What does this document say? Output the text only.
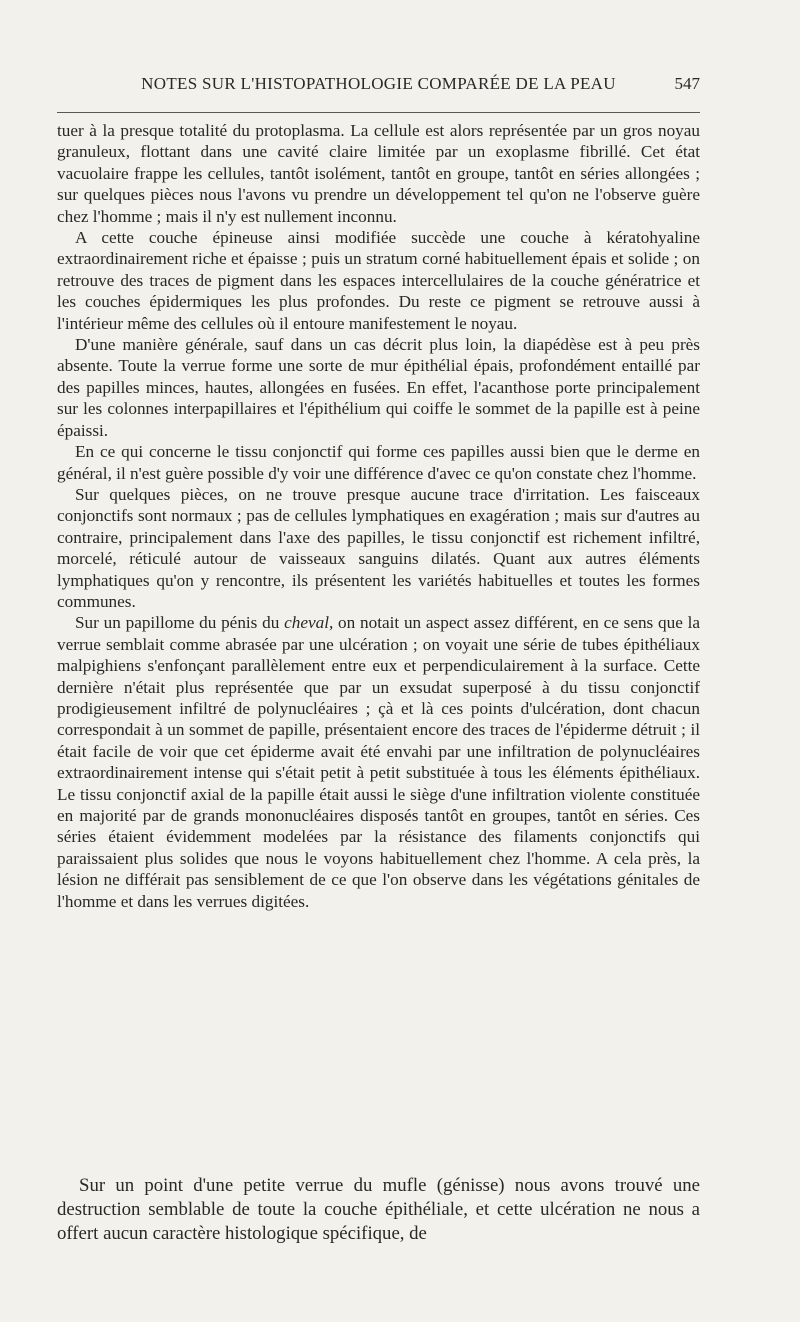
NOTES SUR L'HISTOPATHOLOGIE COMPARÉE DE LA PEAU	547

tuer à la presque totalité du protoplasma. La cellule est alors représentée par un gros noyau granuleux, flottant dans une cavité claire limitée par un exoplasme fibrillé. Cet état vacuolaire frappe les cellules, tantôt isolément, tantôt en groupe, tantôt en séries allongées ; sur quelques pièces nous l'avons vu prendre un développement tel qu'on ne l'observe guère chez l'homme ; mais il n'y est nullement inconnu.

A cette couche épineuse ainsi modifiée succède une couche à kératohyaline extraordinairement riche et épaisse ; puis un stratum corné habituellement épais et solide ; on retrouve des traces de pigment dans les espaces intercellulaires de la couche génératrice et les couches épidermiques les plus profondes. Du reste ce pigment se retrouve aussi à l'intérieur même des cellules où il entoure manifestement le noyau.

D'une manière générale, sauf dans un cas décrit plus loin, la diapédèse est à peu près absente. Toute la verrue forme une sorte de mur épithélial épais, profondément entaillé par des papilles minces, hautes, allongées en fusées. En effet, l'acanthose porte principalement sur les colonnes interpapillaires et l'épithélium qui coiffe le sommet de la papille est à peine épaissi.

En ce qui concerne le tissu conjonctif qui forme ces papilles aussi bien que le derme en général, il n'est guère possible d'y voir une différence d'avec ce qu'on constate chez l'homme.

Sur quelques pièces, on ne trouve presque aucune trace d'irritation. Les faisceaux conjonctifs sont normaux ; pas de cellules lymphatiques en exagération ; mais sur d'autres au contraire, principalement dans l'axe des papilles, le tissu conjonctif est richement infiltré, morcelé, réticulé autour de vaisseaux sanguins dilatés. Quant aux autres éléments lymphatiques qu'on y rencontre, ils présentent les variétés habituelles et toutes les formes communes.

Sur un papillome du pénis du cheval, on notait un aspect assez différent, en ce sens que la verrue semblait comme abrasée par une ulcération ; on voyait une série de tubes épithéliaux malpighiens s'enfonçant parallèlement entre eux et perpendiculairement à la surface. Cette dernière n'était plus représentée que par un exsudat superposé à du tissu conjonctif prodigieusement infiltré de polynucléaires ; çà et là ces points d'ulcération, dont chacun correspondait à un sommet de papille, présentaient encore des traces de l'épiderme détruit ; il était facile de voir que cet épiderme avait été envahi par une infiltration de polynucléaires extraordinairement intense qui s'était petit à petit substituée à tous les éléments épithéliaux. Le tissu conjonctif axial de la papille était aussi le siège d'une infiltration violente constituée en majorité par de grands mononucléaires disposés tantôt en groupes, tantôt en séries. Ces séries étaient évidemment modelées par la résistance des filaments conjonctifs qui paraissaient plus solides que nous le voyons habituellement chez l'homme. A cela près, la lésion ne différait pas sensiblement de ce que l'on observe dans les végétations génitales de l'homme et dans les verrues digitées.

Sur un point d'une petite verrue du mufle (génisse) nous avons trouvé une destruction semblable de toute la couche épithéliale, et cette ulcération ne nous a offert aucun caractère histologique spécifique, de
